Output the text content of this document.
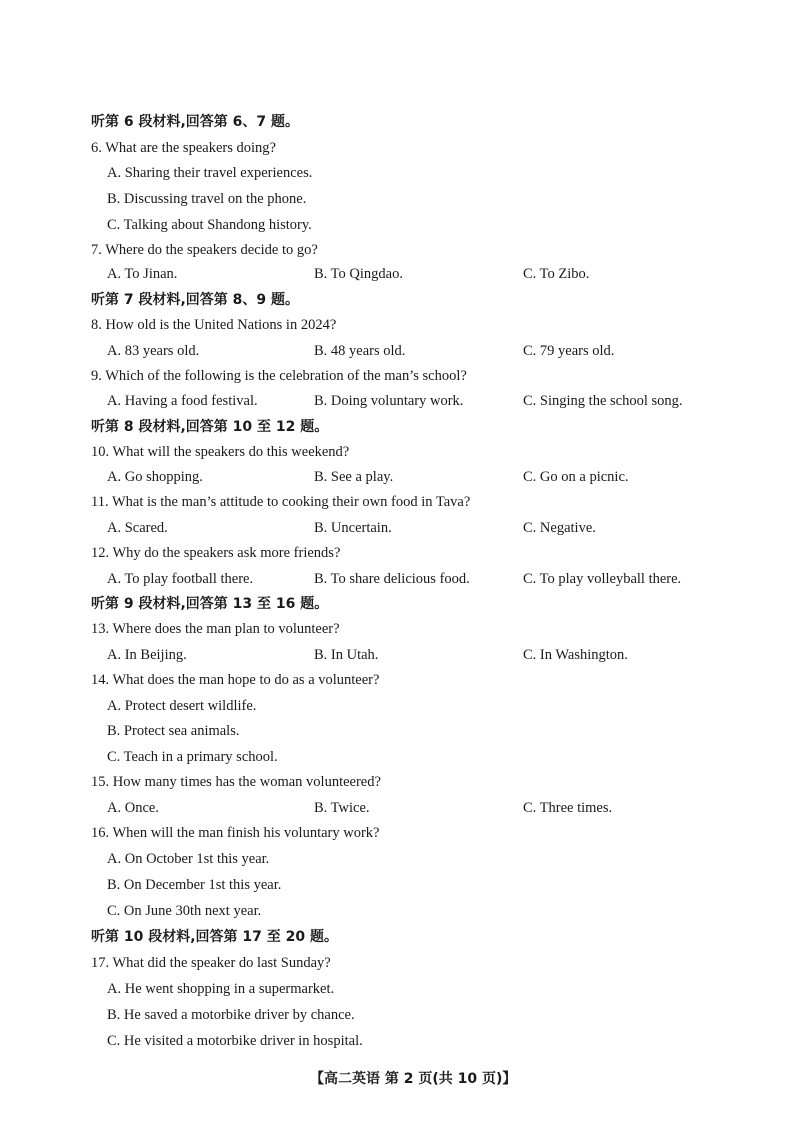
听第 6 段材料,回答第 6、7 题。
6. What are the speakers doing?
A. Sharing their travel experiences.
B. Discussing travel on the phone.
C. Talking about Shandong history.
7. Where do the speakers decide to go?
A. To Jinan.	B. To Qingdao.	C. To Zibo.
听第 7 段材料,回答第 8、9 题。
8. How old is the United Nations in 2024?
A. 83 years old.	B. 48 years old.	C. 79 years old.
9. Which of the following is the celebration of the man’s school?
A. Having a food festival.	B. Doing voluntary work.	C. Singing the school song.
听第 8 段材料,回答第 10 至 12 题。
10. What will the speakers do this weekend?
A. Go shopping.	B. See a play.	C. Go on a picnic.
11. What is the man’s attitude to cooking their own food in Tava?
A. Scared.	B. Uncertain.	C. Negative.
12. Why do the speakers ask more friends?
A. To play football there.	B. To share delicious food.	C. To play volleyball there.
听第 9 段材料,回答第 13 至 16 题。
13. Where does the man plan to volunteer?
A. In Beijing.	B. In Utah.	C. In Washington.
14. What does the man hope to do as a volunteer?
A. Protect desert wildlife.
B. Protect sea animals.
C. Teach in a primary school.
15. How many times has the woman volunteered?
A. Once.	B. Twice.	C. Three times.
16. When will the man finish his voluntary work?
A. On October 1st this year.
B. On December 1st this year.
C. On June 30th next year.
听第 10 段材料,回答第 17 至 20 题。
17. What did the speaker do last Sunday?
A. He went shopping in a supermarket.
B. He saved a motorbike driver by chance.
C. He visited a motorbike driver in hospital.
【高二英语 第 2 页(共 10 页)】
